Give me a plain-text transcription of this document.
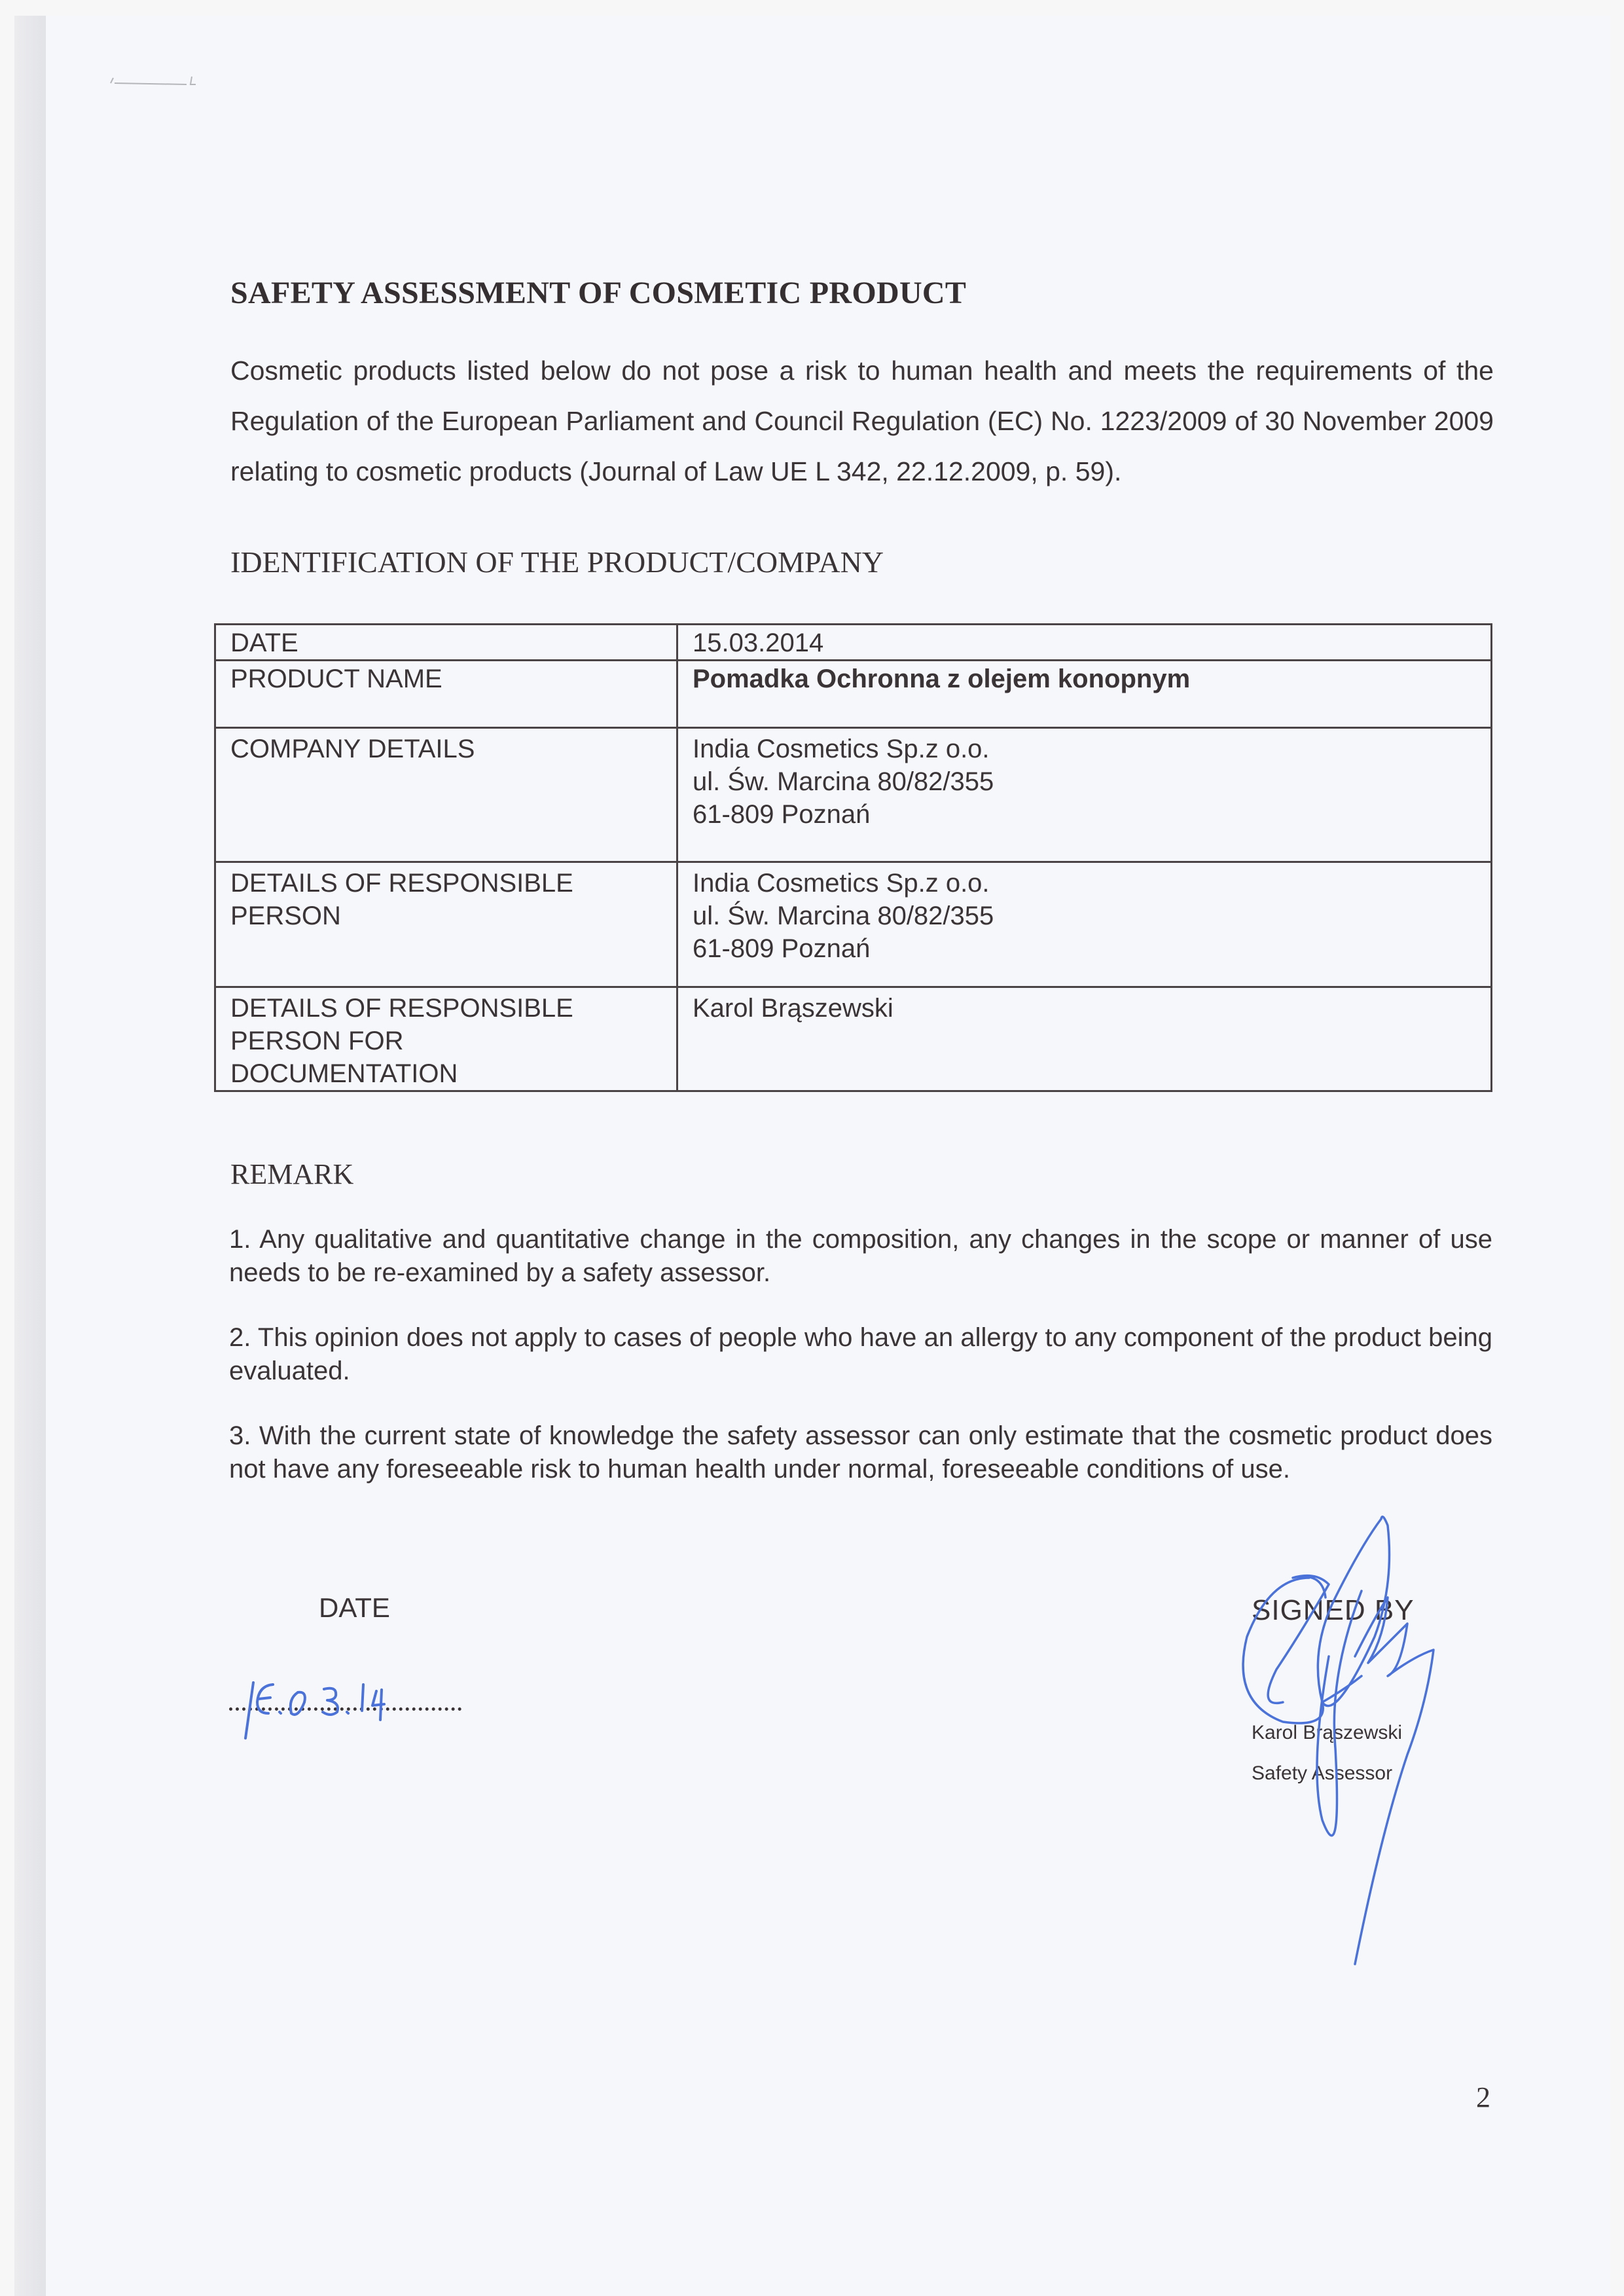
SAFETY ASSESSMENT OF COSMETIC PRODUCT
Cosmetic products listed below do not pose a risk to human health and meets the requirements of the Regulation of the European Parliament and Council Regulation (EC) No. 1223/2009 of 30 November 2009 relating to cosmetic products (Journal of Law UE L 342, 22.12.2009, p. 59).
IDENTIFICATION OF THE PRODUCT/COMPANY
DATE	15.03.2014
PRODUCT NAME	Pomadka Ochronna z olejem konopnym
COMPANY DETAILS	India Cosmetics Sp.z o.o.
ul. Św. Marcina 80/82/355
61-809 Poznań

DETAILS OF RESPONSIBLE
PERSON	India Cosmetics Sp.z o.o.
ul. Św. Marcina 80/82/355
61-809 Poznań

DETAILS OF RESPONSIBLE
PERSON FOR
DOCUMENTATION	Karol Brąszewski
REMARK

1. Any qualitative and quantitative change in the composition, any changes in the scope or manner of use needs to be re-examined by a safety assessor.

2. This opinion does not apply to cases of people who have an allergy to any component of the product being evaluated.

3. With the current state of knowledge the safety assessor can only estimate that the cosmetic product does not have any foreseeable risk to human health under normal, foreseeable conditions of use.

DATE	SIGNED BY
Karol Brąszewski
Safety Assessor
2
